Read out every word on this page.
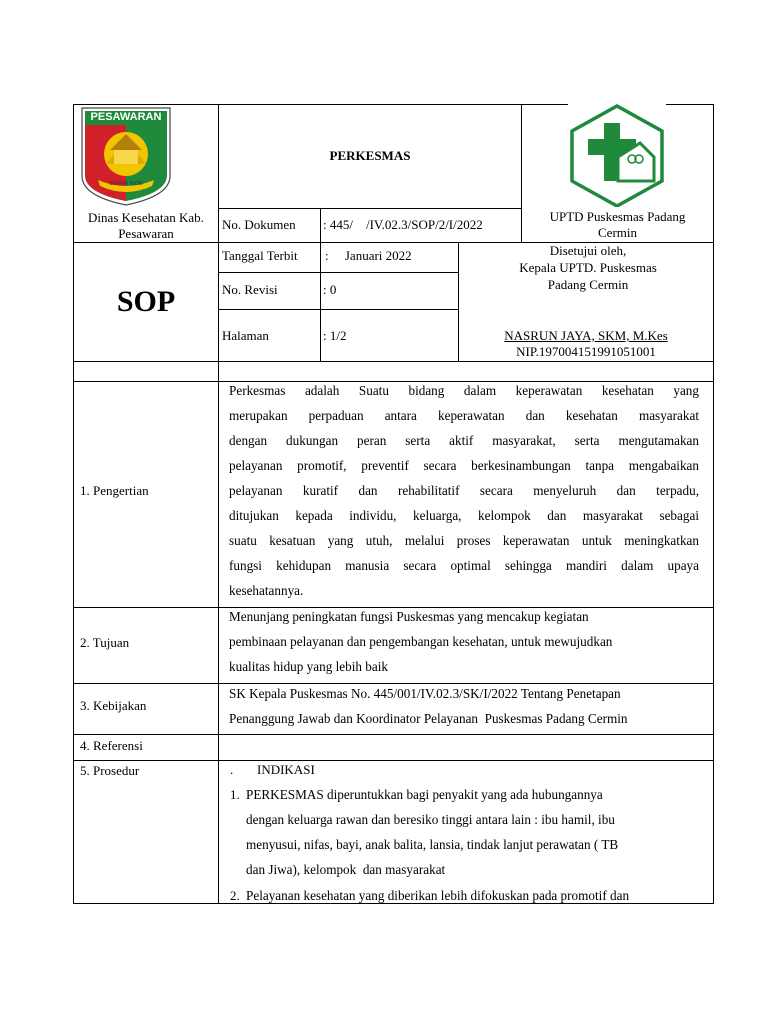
PESAWARAN
SUNGAI INOM
Dinas Kesehatan Kab.
Pesawaran
PERKESMAS
UPTD Puskesmas Padang
Cermin
SOP
No. Dokumen : 445/    /IV.02.3/SOP/2/I/2022
Tanggal Terbit :     Januari 2022
No. Revisi	: 0
Halaman	: 1/2
Disetujui oleh,
Kepala UPTD. Puskesmas
Padang Cermin
NASRUN JAYA, SKM, M.Kes
NIP.197004151991051001
1. Pengertian
2. Tujuan
3. Kebijakan
4. Referensi
5. Prosedur
Perkesmas adalah Suatu bidang dalam keperawatan kesehatan yang
merupakan perpaduan antara keperawatan dan kesehatan masyarakat
dengan dukungan peran serta aktif masyarakat, serta mengutamakan
pelayanan promotif, preventif secara berkesinambungan tanpa mengabaikan
pelayanan kuratif dan rehabilitatif secara menyeluruh dan terpadu,
ditujukan kepada individu, keluarga, kelompok dan masyarakat sebagai
suatu kesatuan yang utuh, melalui proses keperawatan untuk meningkatkan
fungsi kehidupan manusia secara optimal sehingga mandiri dalam upaya
kesehatannya.
Menunjang peningkatan fungsi Puskesmas yang mencakup kegiatan
pembinaan pelayanan dan pengembangan kesehatan, untuk mewujudkan
kualitas hidup yang lebih baik
SK Kepala Puskesmas No. 445/001/IV.02.3/SK/I/2022 Tentang Penetapan
Penanggung Jawab dan Koordinator Pelayanan  Puskesmas Padang Cermin
. INDIKASI
1. PERKESMAS diperuntukkan bagi penyakit yang ada hubungannya
dengan keluarga rawan dan beresiko tinggi antara lain : ibu hamil, ibu
menyusui, nifas, bayi, anak balita, lansia, tindak lanjut perawatan ( TB
dan Jiwa), kelompok  dan masyarakat
2. Pelayanan kesehatan yang diberikan lebih difokuskan pada promotif dan
